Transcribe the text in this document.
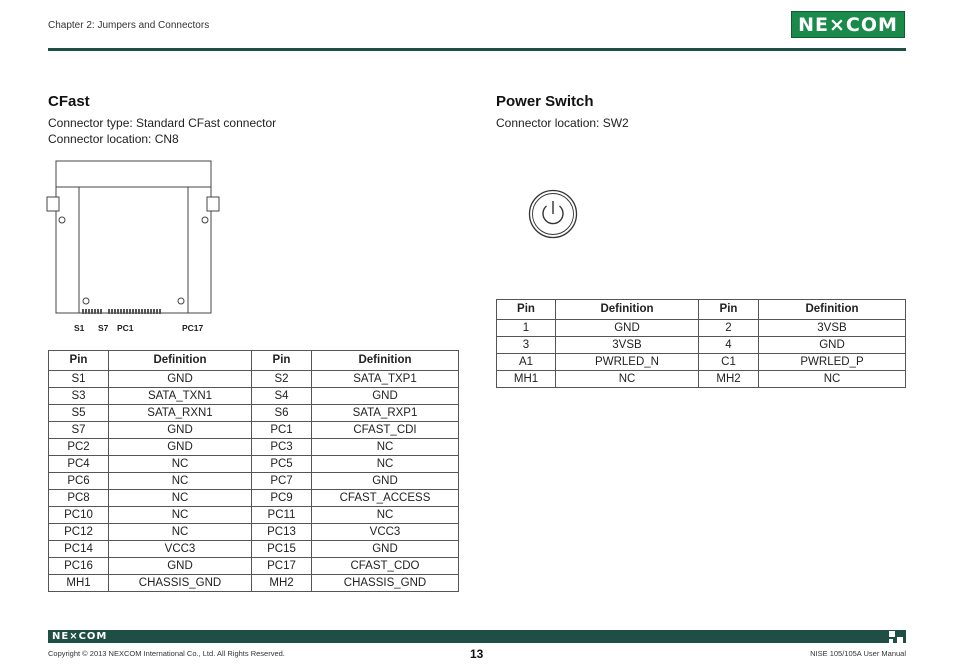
Chapter 2: Jumpers and Connectors	NE⨯COM
CFast
Connector type: Standard CFast connector
Connector location: CN8
S1 S7 PC1	PC17
Pin	Definition	Pin	Definition
S1	GND	S2	SATA_TXP1
S3	SATA_TXN1	S4	GND
S5	SATA_RXN1	S6	SATA_RXP1
S7	GND	PC1	CFAST_CDI
PC2	GND	PC3	NC
PC4	NC	PC5	NC
PC6	NC	PC7	GND
PC8	NC	PC9	CFAST_ACCESS
PC10	NC	PC11	NC
PC12	NC	PC13	VCC3
PC14	VCC3	PC15	GND
PC16	GND	PC17	CFAST_CDO
MH1	CHASSIS_GND	MH2	CHASSIS_GND
Power Switch
Connector location: SW2
Pin	Definition	Pin	Definition
1	GND	2	3VSB
3	3VSB	4	GND
A1	PWRLED_N	C1	PWRLED_P
MH1	NC	MH2	NC
NE⨯COM
Copyright © 2013 NEXCOM International Co., Ltd. All Rights Reserved.	13	NISE 105/105A User Manual
